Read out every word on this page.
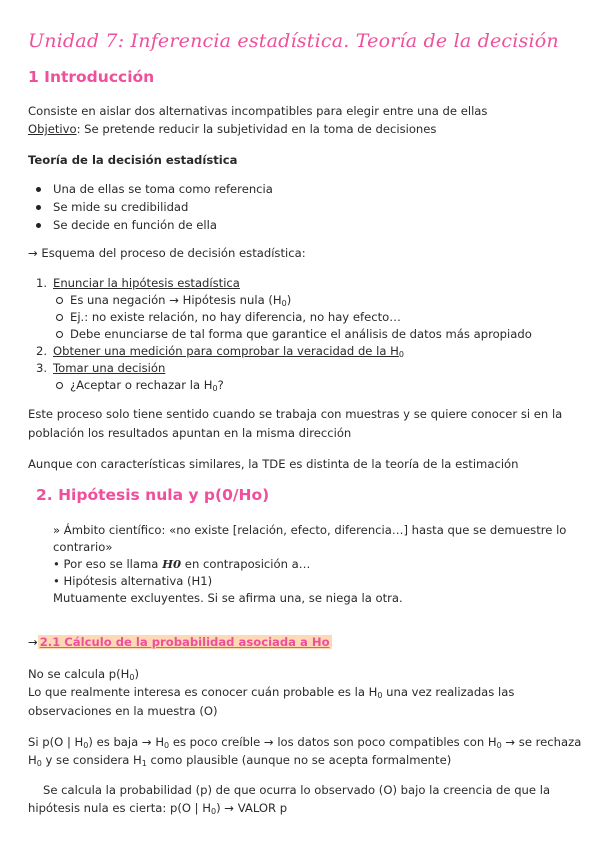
Unidad 7: Inferencia estadística. Teoría de la decisión
1 Introducción
Consiste en aislar dos alternativas incompatibles para elegir entre una de ellas
Objetivo: Se pretende reducir la subjetividad en la toma de decisiones
Teoría de la decisión estadística
Una de ellas se toma como referencia
Se mide su credibilidad
Se decide en función de ella
→ Esquema del proceso de decisión estadística:
1. Enunciar la hipótesis estadística
Es una negación → Hipótesis nula $(H_0)$
Ej.: no existe relación, no hay diferencia, no hay efecto…
Debe enunciarse de tal forma que garantice el análisis de datos más apropiado
2. Obtener una medición para comprobar la veracidad de la $H_0$
3. Tomar una decisión
¿Aceptar o rechazar la $H_0$?
Este proceso solo tiene sentido cuando se trabaja con muestras y se quiere conocer si en la
población los resultados apuntan en la misma dirección
Aunque con características similares, la TDE es distinta de la teoría de la estimación
2. Hipótesis nula y p(0/Ho)
» Ámbito científico: «no existe [relación, efecto, diferencia…] hasta que se demuestre lo
contrario»
• Por eso se llama H0 en contraposición a…
• Hipótesis alternativa (H1)
Mutuamente excluyentes. Si se afirma una, se niega la otra.
→ 2.1 Cálculo de la probabilidad asociada a Ho
No se calcula $p(H_0)$
Lo que realmente interesa es conocer cuán probable es la $H_0$ una vez realizadas las
observaciones en la muestra (O)
Si p(O | $H_0$) es baja → $H_0$ es poco creíble → los datos son poco compatibles con $H_0$ → se rechaza
$H_0$ y se considera $H_1$ como plausible (aunque no se acepta formalmente)
Se calcula la probabilidad (p) de que ocurra lo observado (O) bajo la creencia de que la
hipótesis nula es cierta: p(O | $H_0$) → VALOR p
